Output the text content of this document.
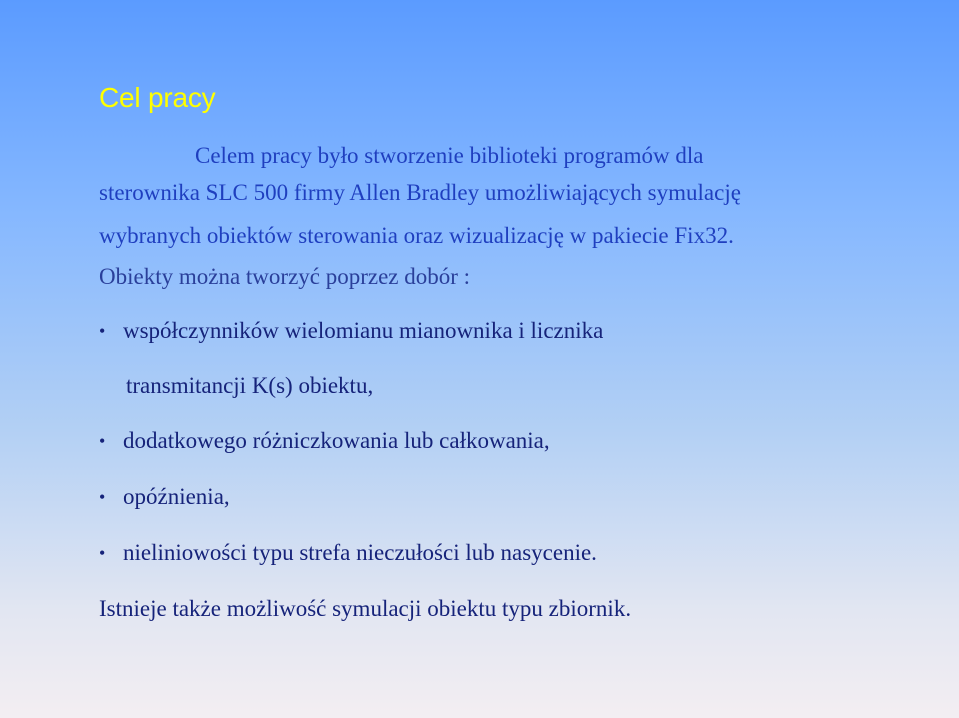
Cel pracy
Celem pracy było stworzenie biblioteki programów dla
sterownika SLC 500 firmy Allen Bradley umożliwiających symulację
wybranych obiektów sterowania oraz wizualizację w pakiecie Fix32.
Obiekty można tworzyć poprzez dobór :
• współczynników wielomianu mianownika i licznika
transmitancji K(s) obiektu,
• dodatkowego różniczkowania lub całkowania,
• opóźnienia,
• nieliniowości typu strefa nieczułości lub nasycenie.
Istnieje także możliwość symulacji obiektu typu zbiornik.
